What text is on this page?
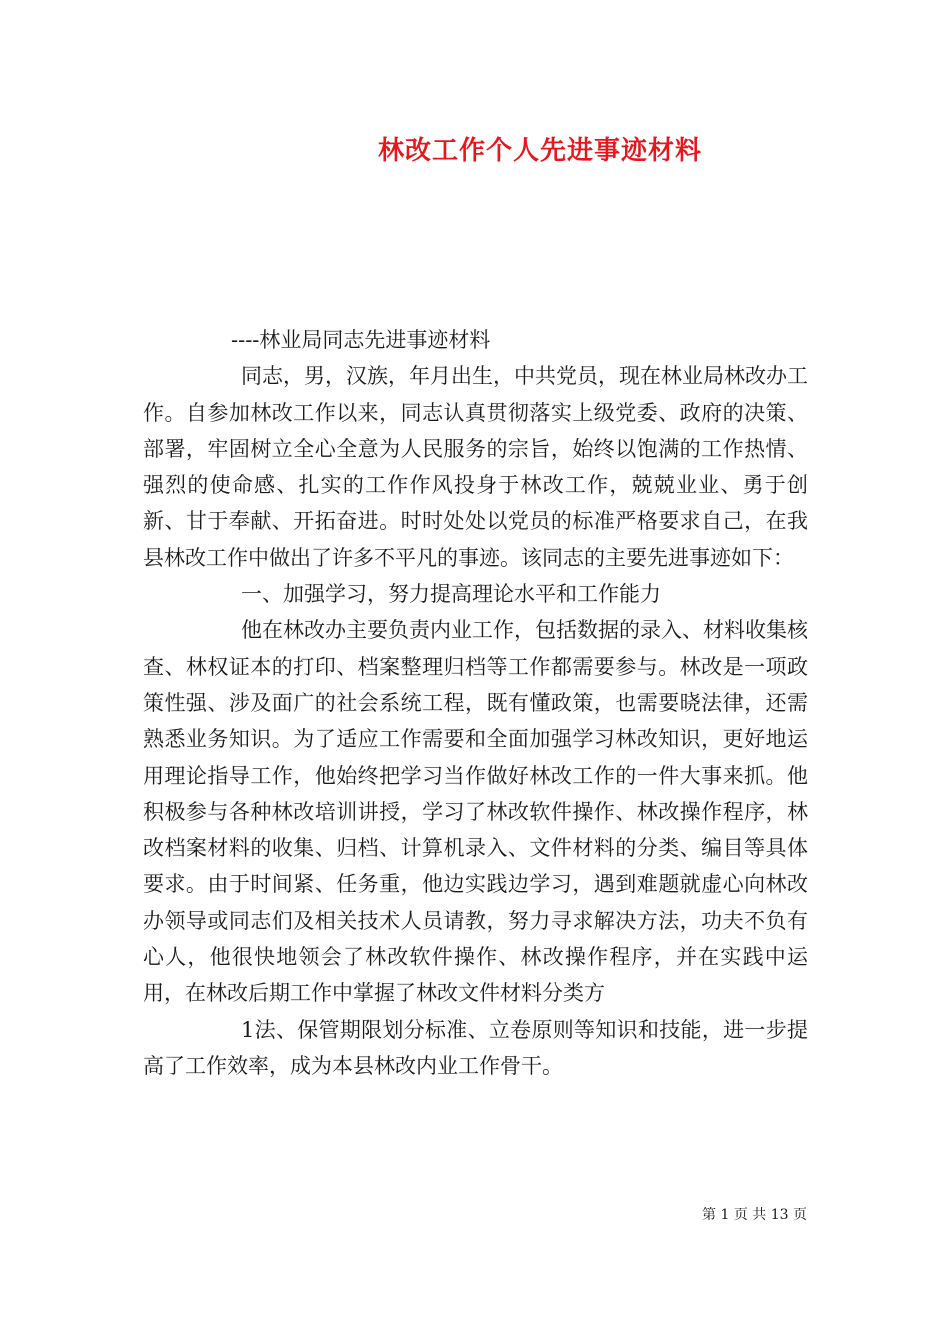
林改工作个人先进事迹材料

----林业局同志先进事迹材料

同志，男，汉族，年月出生，中共党员，现在林业局林改办工作。自参加林改工作以来，同志认真贯彻落实上级党委、政府的决策、部署，牢固树立全心全意为人民服务的宗旨，始终以饱满的工作热情、强烈的使命感、扎实的工作作风投身于林改工作，兢兢业业、勇于创新、甘于奉献、开拓奋进。时时处处以党员的标准严格要求自己，在我县林改工作中做出了许多不平凡的事迹。该同志的主要先进事迹如下：

一、加强学习，努力提高理论水平和工作能力

他在林改办主要负责内业工作，包括数据的录入、材料收集核查、林权证本的打印、档案整理归档等工作都需要参与。林改是一项政策性强、涉及面广的社会系统工程，既有懂政策，也需要晓法律，还需熟悉业务知识。为了适应工作需要和全面加强学习林改知识，更好地运用理论指导工作，他始终把学习当作做好林改工作的一件大事来抓。他积极参与各种林改培训讲授，学习了林改软件操作、林改操作程序，林改档案材料的收集、归档、计算机录入、文件材料的分类、编目等具体要求。由于时间紧、任务重，他边实践边学习，遇到难题就虚心向林改办领导或同志们及相关技术人员请教，努力寻求解决方法，功夫不负有心人，他很快地领会了林改软件操作、林改操作程序，并在实践中运用，在林改后期工作中掌握了林改文件材料分类方

1法、保管期限划分标准、立卷原则等知识和技能，进一步提高了工作效率，成为本县林改内业工作骨干。

第 1 页 共 13 页
